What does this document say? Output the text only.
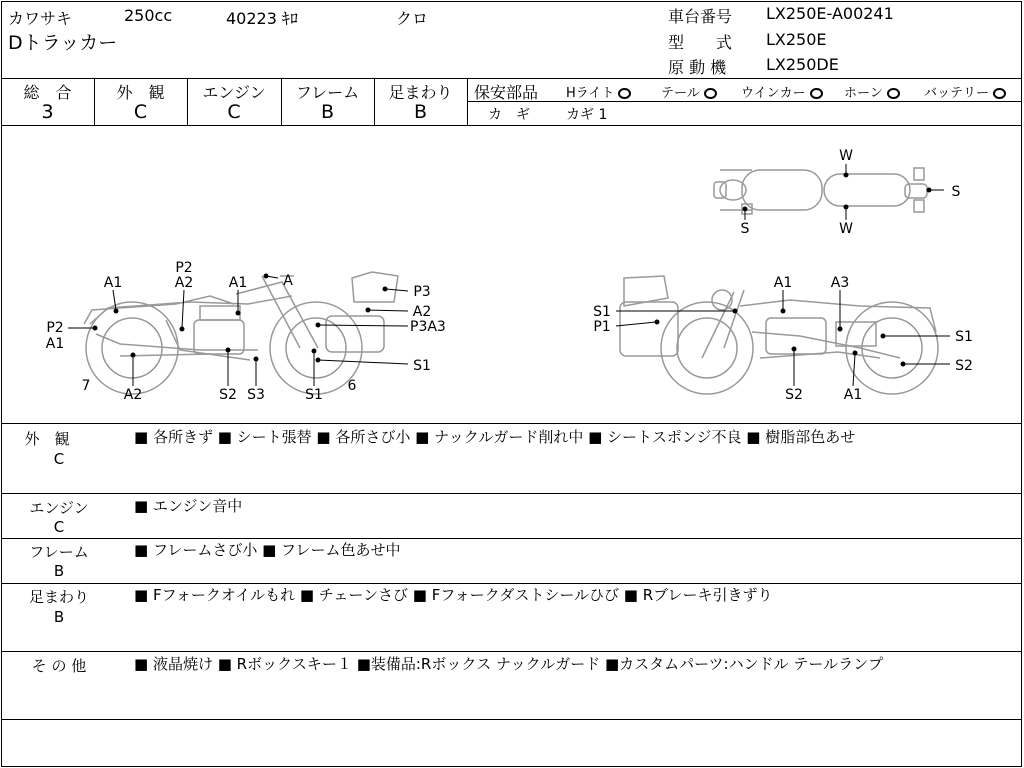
カワサキ	250cc	40223 ｷﾛ	クロ
Dトラッカー
車台番号 LX250E-A00241
型　　式 LX250E
原 動 機 LX250DE
総　合
3
外　観
C
エンジン
C
フレーム
B
足まわり
B
保安部品 Hライト	テール	ウインカー	ホーン	バッテリー
カ　ギ	カギ 1
W
S
S	W
P2
A2
A1	A
A1
P3
A2
P3A3
P2
A1
7
A2	S2 S3	S1
6
S1
A1	A3
S1
P1
S1
S2
S2	A1
外　観
C
■ 各所きず ■ シート張替 ■ 各所さび小 ■ ナックルガード削れ中 ■ シートスポンジ不良 ■ 樹脂部色あせ
エンジン
C
■ エンジン音中
フレーム
B
■ フレームさび小 ■ フレーム色あせ中
足まわり
B
■ Fフォークオイルもれ ■ チェーンさび ■ Fフォークダストシールひび ■ Rブレーキ引きずり
そ の 他	■ 液晶焼け ■ Rボックスキー１ ■装備品:Rボックス ナックルガード ■カスタムパーツ:ハンドル テールランプ
